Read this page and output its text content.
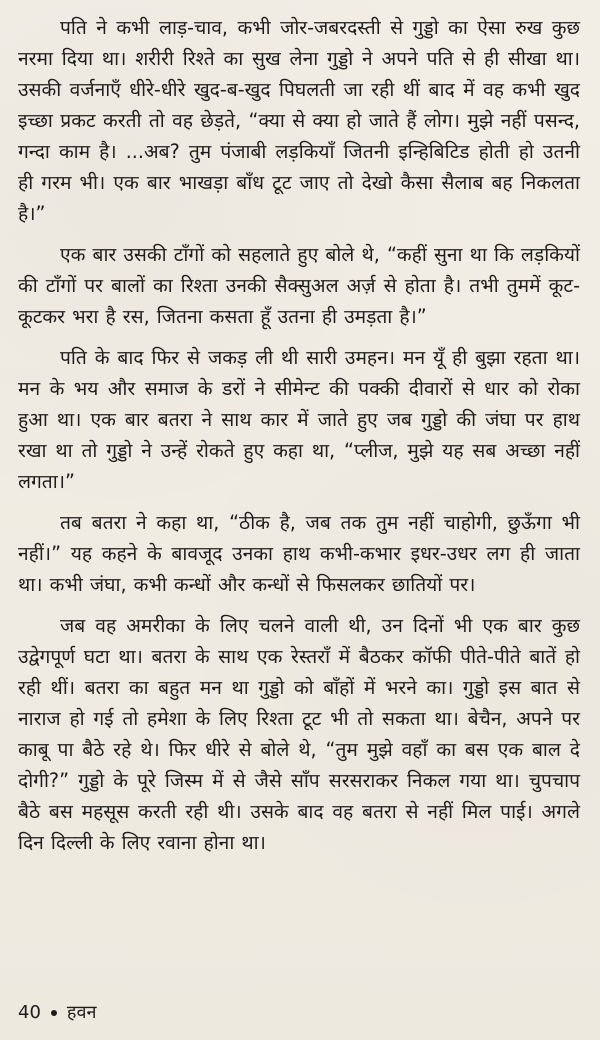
पति ने कभी लाड़-चाव, कभी जोर-जबरदस्ती से गुड्डो का ऐसा रुख कुछ नरमा दिया था। शरीरी रिश्ते का सुख लेना गुड्डो ने अपने पति से ही सीखा था। उसकी वर्जनाएँ धीरे-धीरे खुद-ब-खुद पिघलती जा रही थीं बाद में वह कभी खुद इच्छा प्रकट करती तो वह छेड़ते, “क्या से क्या हो जाते हैं लोग। मुझे नहीं पसन्द, गन्दा काम है। ...अब? तुम पंजाबी लड़कियाँ जितनी इन्हिबिटिड होती हो उतनी ही गरम भी। एक बार भाखड़ा बाँध टूट जाए तो देखो कैसा सैलाब बह निकलता है।”

एक बार उसकी टाँगों को सहलाते हुए बोले थे, “कहीं सुना था कि लड़कियों की टाँगों पर बालों का रिश्ता उनकी सैक्सुअल अर्ज़ से होता है। तभी तुममें कूट-कूटकर भरा है रस, जितना कसता हूँ उतना ही उमड़ता है।”

पति के बाद फिर से जकड़ ली थी सारी उमहन। मन यूँ ही बुझा रहता था। मन के भय और समाज के डरों ने सीमेन्ट की पक्की दीवारों से धार को रोका हुआ था। एक बार बतरा ने साथ कार में जाते हुए जब गुड्डो की जंघा पर हाथ रखा था तो गुड्डो ने उन्हें रोकते हुए कहा था, “प्लीज, मुझे यह सब अच्छा नहीं लगता।”

तब बतरा ने कहा था, “ठीक है, जब तक तुम नहीं चाहोगी, छुऊँगा भी नहीं।” यह कहने के बावजूद उनका हाथ कभी-कभार इधर-उधर लग ही जाता था। कभी जंघा, कभी कन्धों और कन्धों से फिसलकर छातियों पर।

जब वह अमरीका के लिए चलने वाली थी, उन दिनों भी एक बार कुछ उद्वेगपूर्ण घटा था। बतरा के साथ एक रेस्तराँ में बैठकर कॉफी पीते-पीते बातें हो रही थीं। बतरा का बहुत मन था गुड्डो को बाँहों में भरने का। गुड्डो इस बात से नाराज हो गई तो हमेशा के लिए रिश्ता टूट भी तो सकता था। बेचैन, अपने पर काबू पा बैठे रहे थे। फिर धीरे से बोले थे, “तुम मुझे वहाँ का बस एक बाल दे दोगी?” गुड्डो के पूरे जिस्म में से जैसे साँप सरसराकर निकल गया था। चुपचाप बैठे बस महसूस करती रही थी। उसके बाद वह बतरा से नहीं मिल पाई। अगले दिन दिल्ली के लिए रवाना होना था।

40 हवन
